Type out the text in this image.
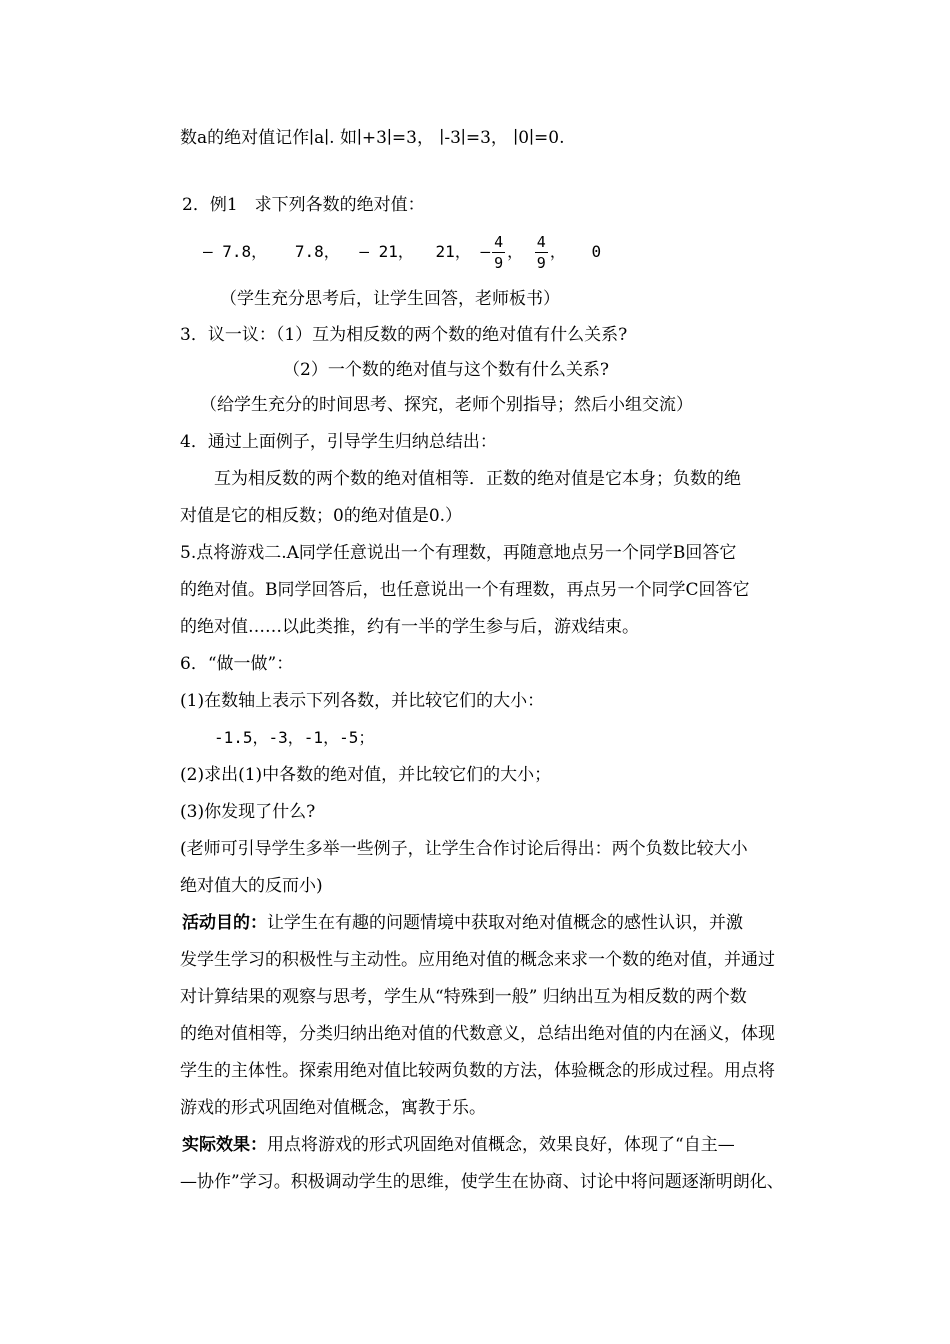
数a的绝对值记作∣a∣. 如∣+3∣=3， ∣-3∣=3， ∣0∣=0.
2．例1　求下列各数的绝对值：
– 7.8， 7.8， – 21， 21， – $\frac{4}{9}$ ， $\frac{4}{9}$ ， 0
（学生充分思考后，让学生回答，老师板书）
3．议一议：（1）互为相反数的两个数的绝对值有什么关系?
（2）一个数的绝对值与这个数有什么关系?
（给学生充分的时间思考、探究，老师个别指导；然后小组交流）
4．通过上面例子，引导学生归纳总结出：
互为相反数的两个数的绝对值相等．正数的绝对值是它本身；负数的绝
对值是它的相反数；0的绝对值是0.）
5.点将游戏二.A同学任意说出一个有理数，再随意地点另一个同学B回答它
的绝对值。B同学回答后，也任意说出一个有理数，再点另一个同学C回答它
的绝对值……以此类推，约有一半的学生参与后，游戏结束。
6．“做一做”：
(1)在数轴上表示下列各数，并比较它们的大小：
-1.5，-3，-1，-5；
(2)求出(1)中各数的绝对值，并比较它们的大小；
(3)你发现了什么?
(老师可引导学生多举一些例子，让学生合作讨论后得出：两个负数比较大小
绝对值大的反而小)
活动目的：让学生在有趣的问题情境中获取对绝对值概念的感性认识，并激
发学生学习的积极性与主动性。应用绝对值的概念来求一个数的绝对值，并通过
对计算结果的观察与思考，学生从“特殊到一般” 归纳出互为相反数的两个数
的绝对值相等，分类归纳出绝对值的代数意义，总结出绝对值的内在涵义，体现
学生的主体性。探索用绝对值比较两负数的方法，体验概念的形成过程。用点将
游戏的形式巩固绝对值概念，寓教于乐。
实际效果：用点将游戏的形式巩固绝对值概念，效果良好，体现了“自主—
—协作”学习。积极调动学生的思维，使学生在协商、讨论中将问题逐渐明朗化、
